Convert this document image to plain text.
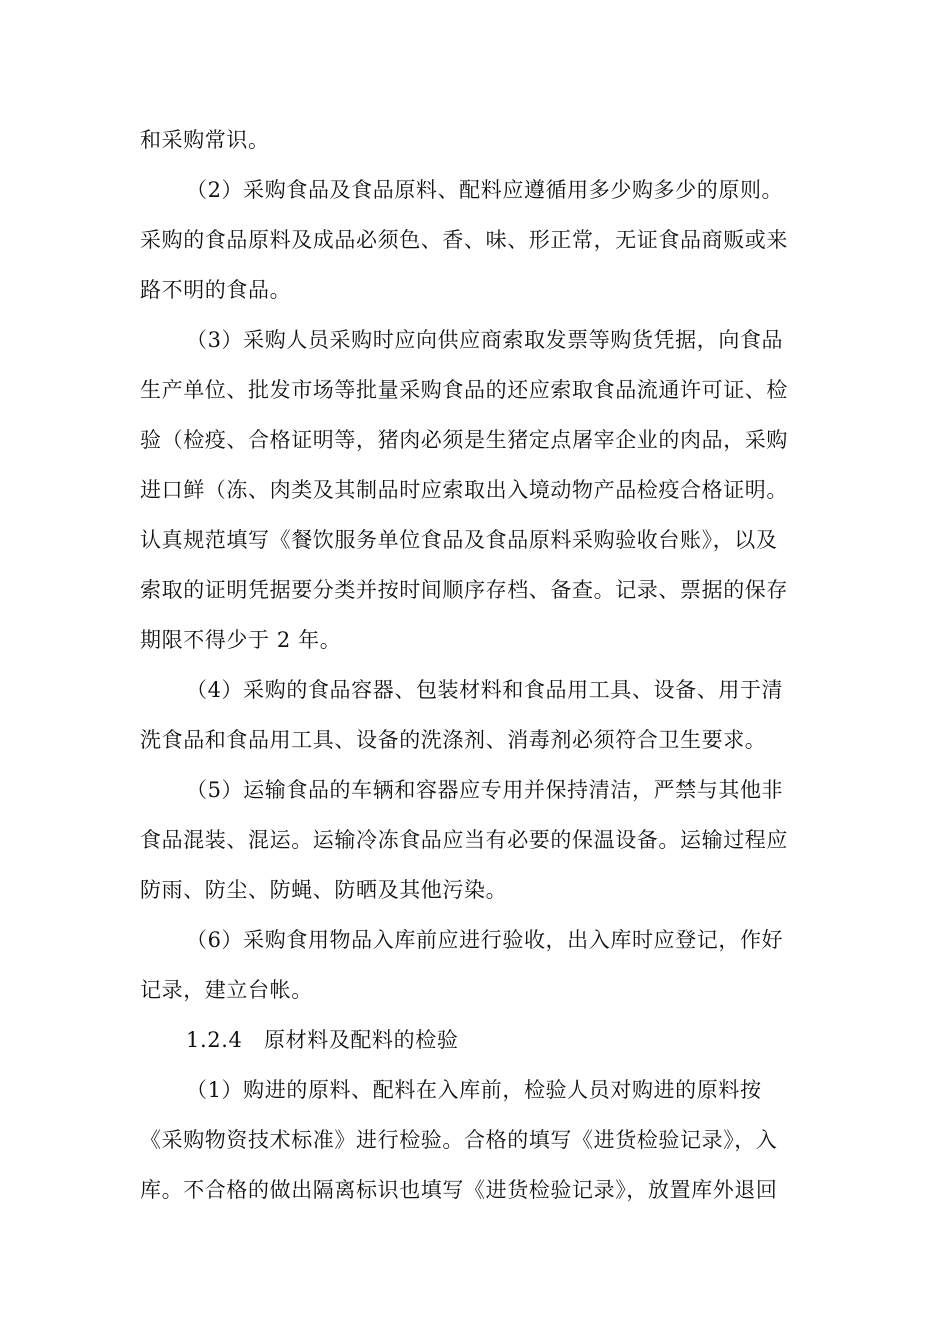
和采购常识。
（2）采购食品及食品原料、配料应遵循用多少购多少的原则。
采购的食品原料及成品必须色、香、味、形正常，无证食品商贩或来
路不明的食品。
（3）采购人员采购时应向供应商索取发票等购货凭据，向食品
生产单位、批发市场等批量采购食品的还应索取食品流通许可证、检
验（检疫、合格证明等，猪肉必须是生猪定点屠宰企业的肉品，采购
进口鲜（冻、肉类及其制品时应索取出入境动物产品检疫合格证明。
认真规范填写《餐饮服务单位食品及食品原料采购验收台账》，以及
索取的证明凭据要分类并按时间顺序存档、备查。记录、票据的保存
期限不得少于 2 年。
（4）采购的食品容器、包装材料和食品用工具、设备、用于清
洗食品和食品用工具、设备的洗涤剂、消毒剂必须符合卫生要求。
（5）运输食品的车辆和容器应专用并保持清洁，严禁与其他非
食品混装、混运。运输冷冻食品应当有必要的保温设备。运输过程应
防雨、防尘、防蝇、防晒及其他污染。
（6）采购食用物品入库前应进行验收，出入库时应登记，作好
记录，建立台帐。
1.2.4　原材料及配料的检验
（1）购进的原料、配料在入库前，检验人员对购进的原料按
《采购物资技术标准》进行检验。合格的填写《进货检验记录》，入
库。不合格的做出隔离标识也填写《进货检验记录》，放置库外退回
